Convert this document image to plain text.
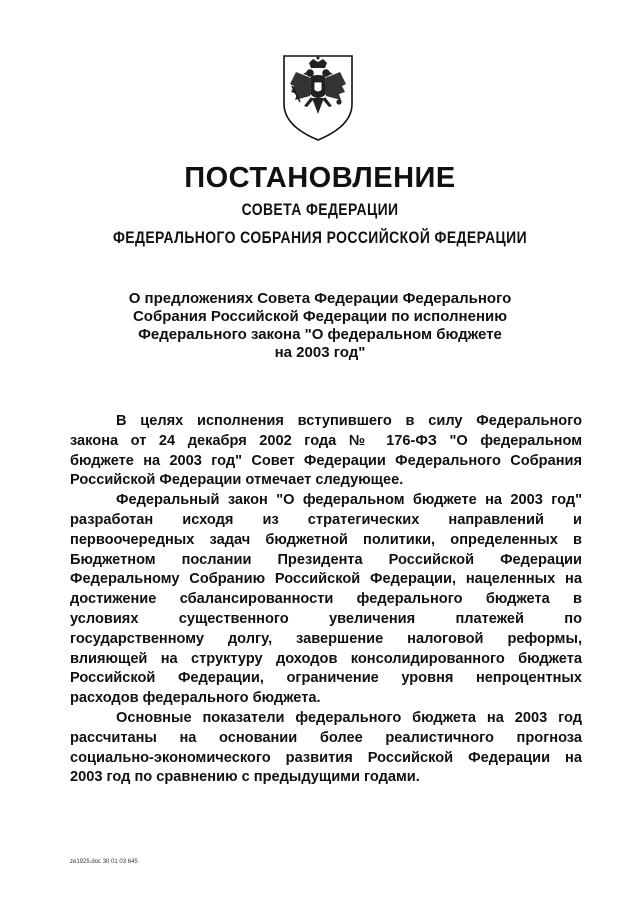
ПОСТАНОВЛЕНИЕ
СОВЕТА ФЕДЕРАЦИИ
ФЕДЕРАЛЬНОГО СОБРАНИЯ РОССИЙСКОЙ ФЕДЕРАЦИИ
О предложениях Совета Федерации Федерального
Собрания Российской Федерации по исполнению
Федерального закона "О федеральном бюджете
на 2003 год"
В целях исполнения вступившего в силу Федерального
закона от 24 декабря 2002 года № 176-ФЗ "О федеральном
бюджете на 2003 год" Совет Федерации Федерального Собрания
Российской Федерации отмечает следующее.
Федеральный закон "О федеральном бюджете на 2003 год"
разработан исходя из стратегических направлений и
первоочередных задач бюджетной политики, определенных в
Бюджетном послании Президента Российской Федерации
Федеральному Собранию Российской Федерации, нацеленных на
достижение сбалансированности федерального бюджета в
условиях существенного увеличения платежей по
государственному долгу, завершение налоговой реформы,
влияющей на структуру доходов консолидированного бюджета
Российской Федерации, ограничение уровня непроцентных
расходов федерального бюджета.
Основные показатели федерального бюджета на 2003 год
рассчитаны на основании более реалистичного прогноза
социально-экономического развития Российской Федерации на
2003 год по сравнению с предыдущими годами.
ze1925.doc 30 01 03 645
